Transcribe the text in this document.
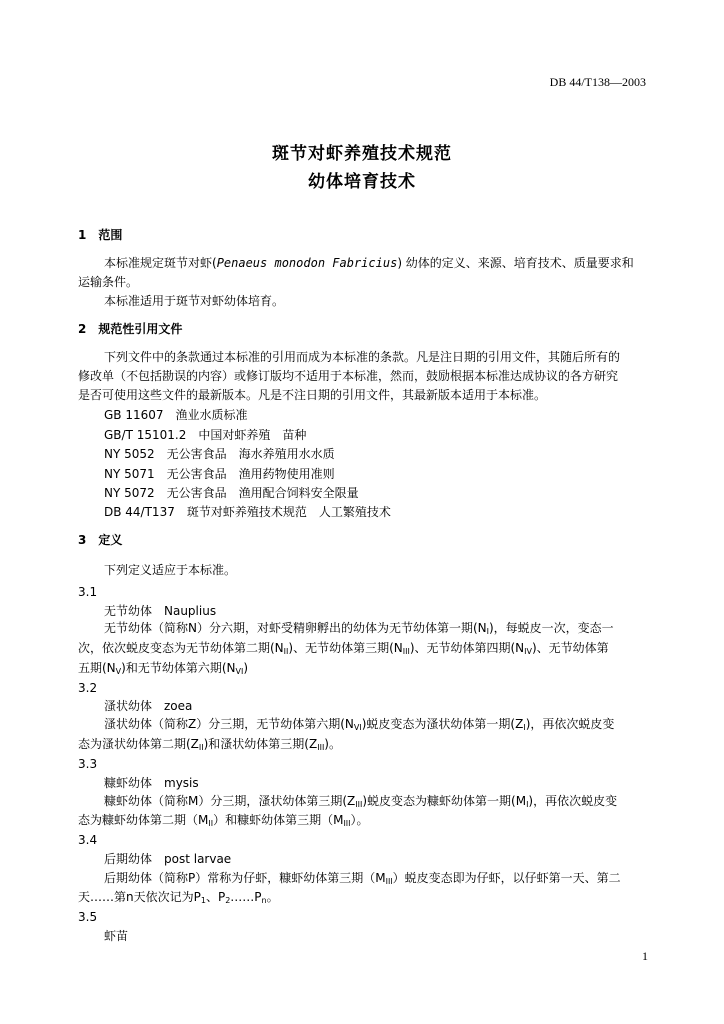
DB 44/T138—2003
斑节对虾养殖技术规范
幼体培育技术
1　范围
本标准规定斑节对虾(Penaeus monodon Fabricius) 幼体的定义、来源、培育技术、质量要求和
运输条件。
本标准适用于斑节对虾幼体培育。
2　规范性引用文件
下列文件中的条款通过本标准的引用而成为本标准的条款。凡是注日期的引用文件，其随后所有的
修改单（不包括勘误的内容）或修订版均不适用于本标准，然而，鼓励根据本标准达成协议的各方研究
是否可使用这些文件的最新版本。凡是不注日期的引用文件，其最新版本适用于本标准。
GB 11607　渔业水质标准
GB/T 15101.2　中国对虾养殖　苗种
NY 5052　无公害食品　海水养殖用水水质
NY 5071　无公害食品　渔用药物使用准则
NY 5072　无公害食品　渔用配合饲料安全限量
DB 44/T137　斑节对虾养殖技术规范　人工繁殖技术
3　定义
下列定义适应于本标准。
3.1
无节幼体　Nauplius
无节幼体（简称N）分六期，对虾受精卵孵出的幼体为无节幼体第一期$(N_I)$，每蜕皮一次，变态一
次，依次蜕皮变态为无节幼体第二期$(N_{II})$、无节幼体第三期$(N_{III})$、无节幼体第四期$(N_{IV})$、无节幼体第
五期$(N_V)$和无节幼体第六期$(N_{VI})$
3.2
溞状幼体　zoea
溞状幼体（简称Z）分三期，无节幼体第六期$(N_{VI})$蜕皮变态为溞状幼体第一期$(Z_I)$，再依次蜕皮变
态为溞状幼体第二期$(Z_{II})$和溞状幼体第三期$(Z_{III})$。
3.3
糠虾幼体　mysis
糠虾幼体（简称M）分三期，溞状幼体第三期$(Z_{III})$蜕皮变态为糠虾幼体第一期$(M_I)$，再依次蜕皮变
态为糠虾幼体第二期$(M_{II})$和糠虾幼体第三期$(M_{III})$。
3.4
后期幼体　post larvae
后期幼体（简称P）常称为仔虾，糠虾幼体第三期$(M_{III})$蜕皮变态即为仔虾，以仔虾第一天、第二
天……第n天依次记为$P_1$、$P_2\dots\dots P_n$。
3.5
虾苗
1
